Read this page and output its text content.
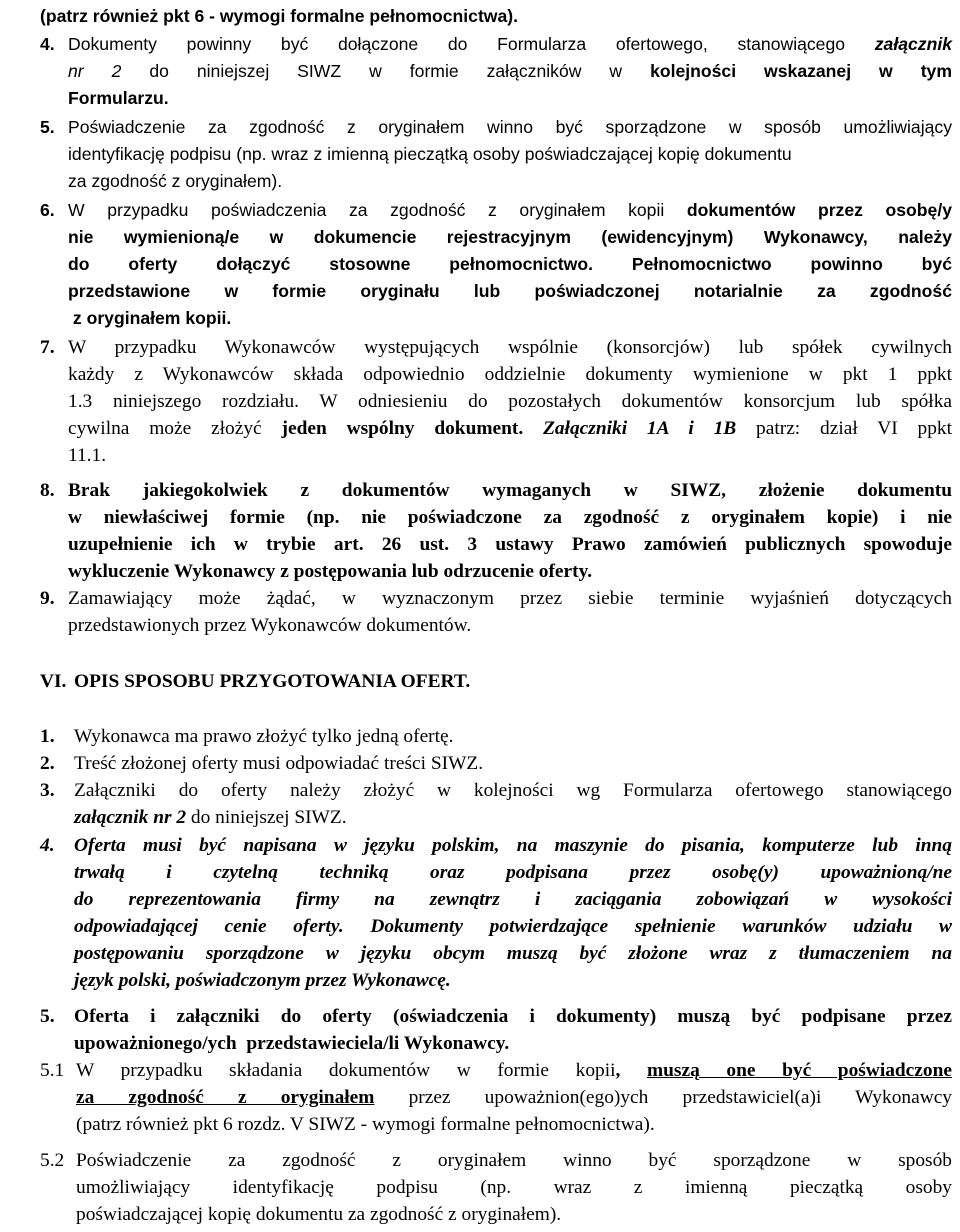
(patrz również pkt 6 - wymogi formalne pełnomocnictwa).
4. Dokumenty powinny być dołączone do Formularza ofertowego, stanowiącego załącznik
nr 2 do niniejszej SIWZ w formie załączników w kolejności wskazanej w tym
Formularzu.
5. Poświadczenie za zgodność z oryginałem winno być sporządzone w sposób umożliwiający
identyfikację podpisu (np. wraz z imienną pieczątką osoby poświadczającej kopię dokumentu
za zgodność z oryginałem).
6. W przypadku poświadczenia za zgodność z oryginałem kopii dokumentów przez osobę/y
nie wymienioną/e w dokumencie rejestracyjnym (ewidencyjnym) Wykonawcy, należy
do oferty dołączyć stosowne pełnomocnictwo. Pełnomocnictwo powinno być
przedstawione w formie oryginału lub poświadczonej notarialnie za zgodność
z oryginałem kopii.
7. W przypadku Wykonawców występujących wspólnie (konsorcjów) lub spółek cywilnych
każdy z Wykonawców składa odpowiednio oddzielnie dokumenty wymienione w pkt 1 ppkt
1.3 niniejszego rozdziału. W odniesieniu do pozostałych dokumentów konsorcjum lub spółka
cywilna może złożyć jeden wspólny dokument. Załączniki 1A i 1B patrz: dział VI ppkt
11.1.
8. Brak jakiegokolwiek z dokumentów wymaganych w SIWZ, złożenie dokumentu
w niewłaściwej formie (np. nie poświadczone za zgodność z oryginałem kopie) i nie
uzupełnienie ich w trybie art. 26 ust. 3 ustawy Prawo zamówień publicznych spowoduje
wykluczenie Wykonawcy z postępowania lub odrzucenie oferty.
9. Zamawiający może żądać, w wyznaczonym przez siebie terminie wyjaśnień dotyczących
przedstawionych przez Wykonawców dokumentów.
VI. OPIS SPOSOBU PRZYGOTOWANIA OFERT.
1. Wykonawca ma prawo złożyć tylko jedną ofertę.
2. Treść złożonej oferty musi odpowiadać treści SIWZ.
3. Załączniki do oferty należy złożyć w kolejności wg Formularza ofertowego stanowiącego
załącznik nr 2 do niniejszej SIWZ.
4. Oferta musi być napisana w języku polskim, na maszynie do pisania, komputerze lub inną
trwałą i czytelną techniką oraz podpisana przez osobę(y) upoważnioną/ne
do reprezentowania firmy na zewnątrz i zaciągania zobowiązań w wysokości
odpowiadającej cenie oferty. Dokumenty potwierdzające spełnienie warunków udziału w
postępowaniu sporządzone w języku obcym muszą być złożone wraz z tłumaczeniem na
język polski, poświadczonym przez Wykonawcę.
5. Oferta i załączniki do oferty (oświadczenia i dokumenty) muszą być podpisane przez
upoważnionego/ych  przedstawieciela/li Wykonawcy.
5.1 W przypadku składania dokumentów w formie kopii, muszą one być poświadczone
za zgodność z oryginałem przez upoważnion(ego)ych przedstawiciel(a)i Wykonawcy
(patrz również pkt 6 rozdz. V SIWZ - wymogi formalne pełnomocnictwa).
5.2 Poświadczenie za zgodność z oryginałem winno być sporządzone w sposób
umożliwiający identyfikację podpisu (np. wraz z imienną pieczątką osoby
poświadczającej kopię dokumentu za zgodność z oryginałem).
